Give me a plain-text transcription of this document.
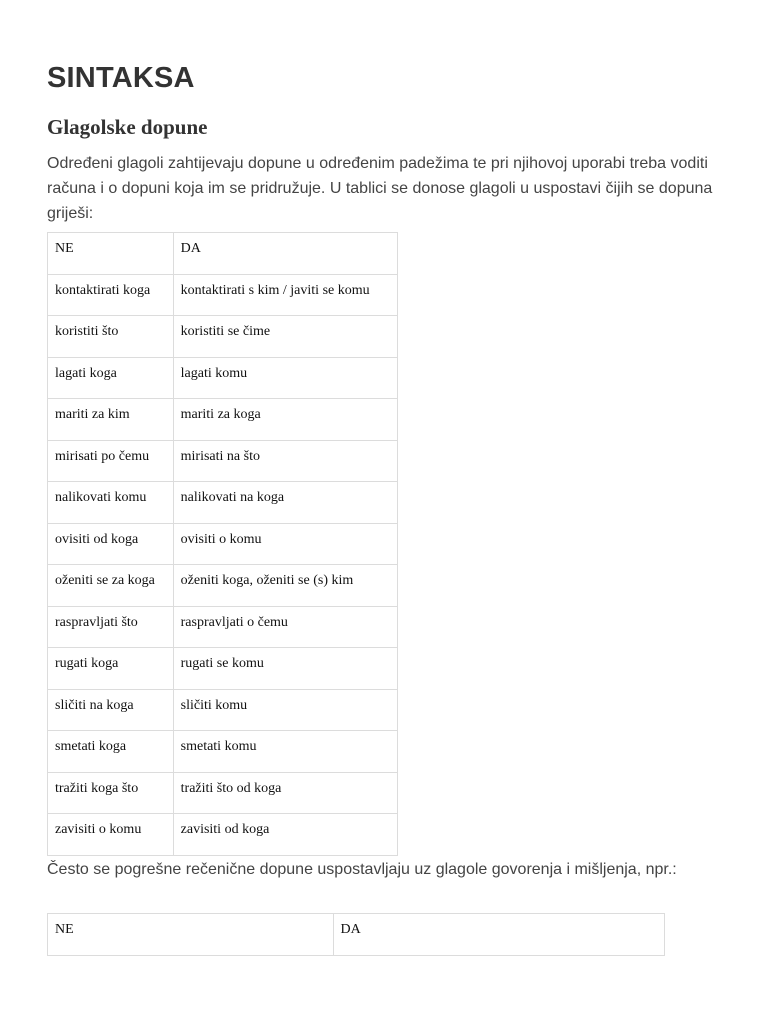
SINTAKSA
Glagolske dopune

Određeni glagoli zahtijevaju dopune u određenim padežima te pri njihovoj uporabi treba voditi računa i o dopuni koja im se pridružuje. U tablici se donose glagoli u uspostavi čijih se dopuna griješi:

NE	DA
kontaktirati koga	kontaktirati s kim / javiti se komu
koristiti što	koristiti se čime
lagati koga	lagati komu
mariti za kim	mariti za koga
mirisati po čemu	mirisati na što
nalikovati komu	nalikovati na koga
ovisiti od koga	ovisiti o komu
oženiti se za koga	oženiti koga, oženiti se (s) kim
raspravljati što	raspravljati o čemu
rugati koga	rugati se komu
sličiti na koga	sličiti komu
smetati koga	smetati komu
tražiti koga što	tražiti što od koga
zavisiti o komu	zavisiti od koga

Često se pogrešne rečenične dopune uspostavljaju uz glagole govorenja i mišljenja, npr.:

NE	DA
